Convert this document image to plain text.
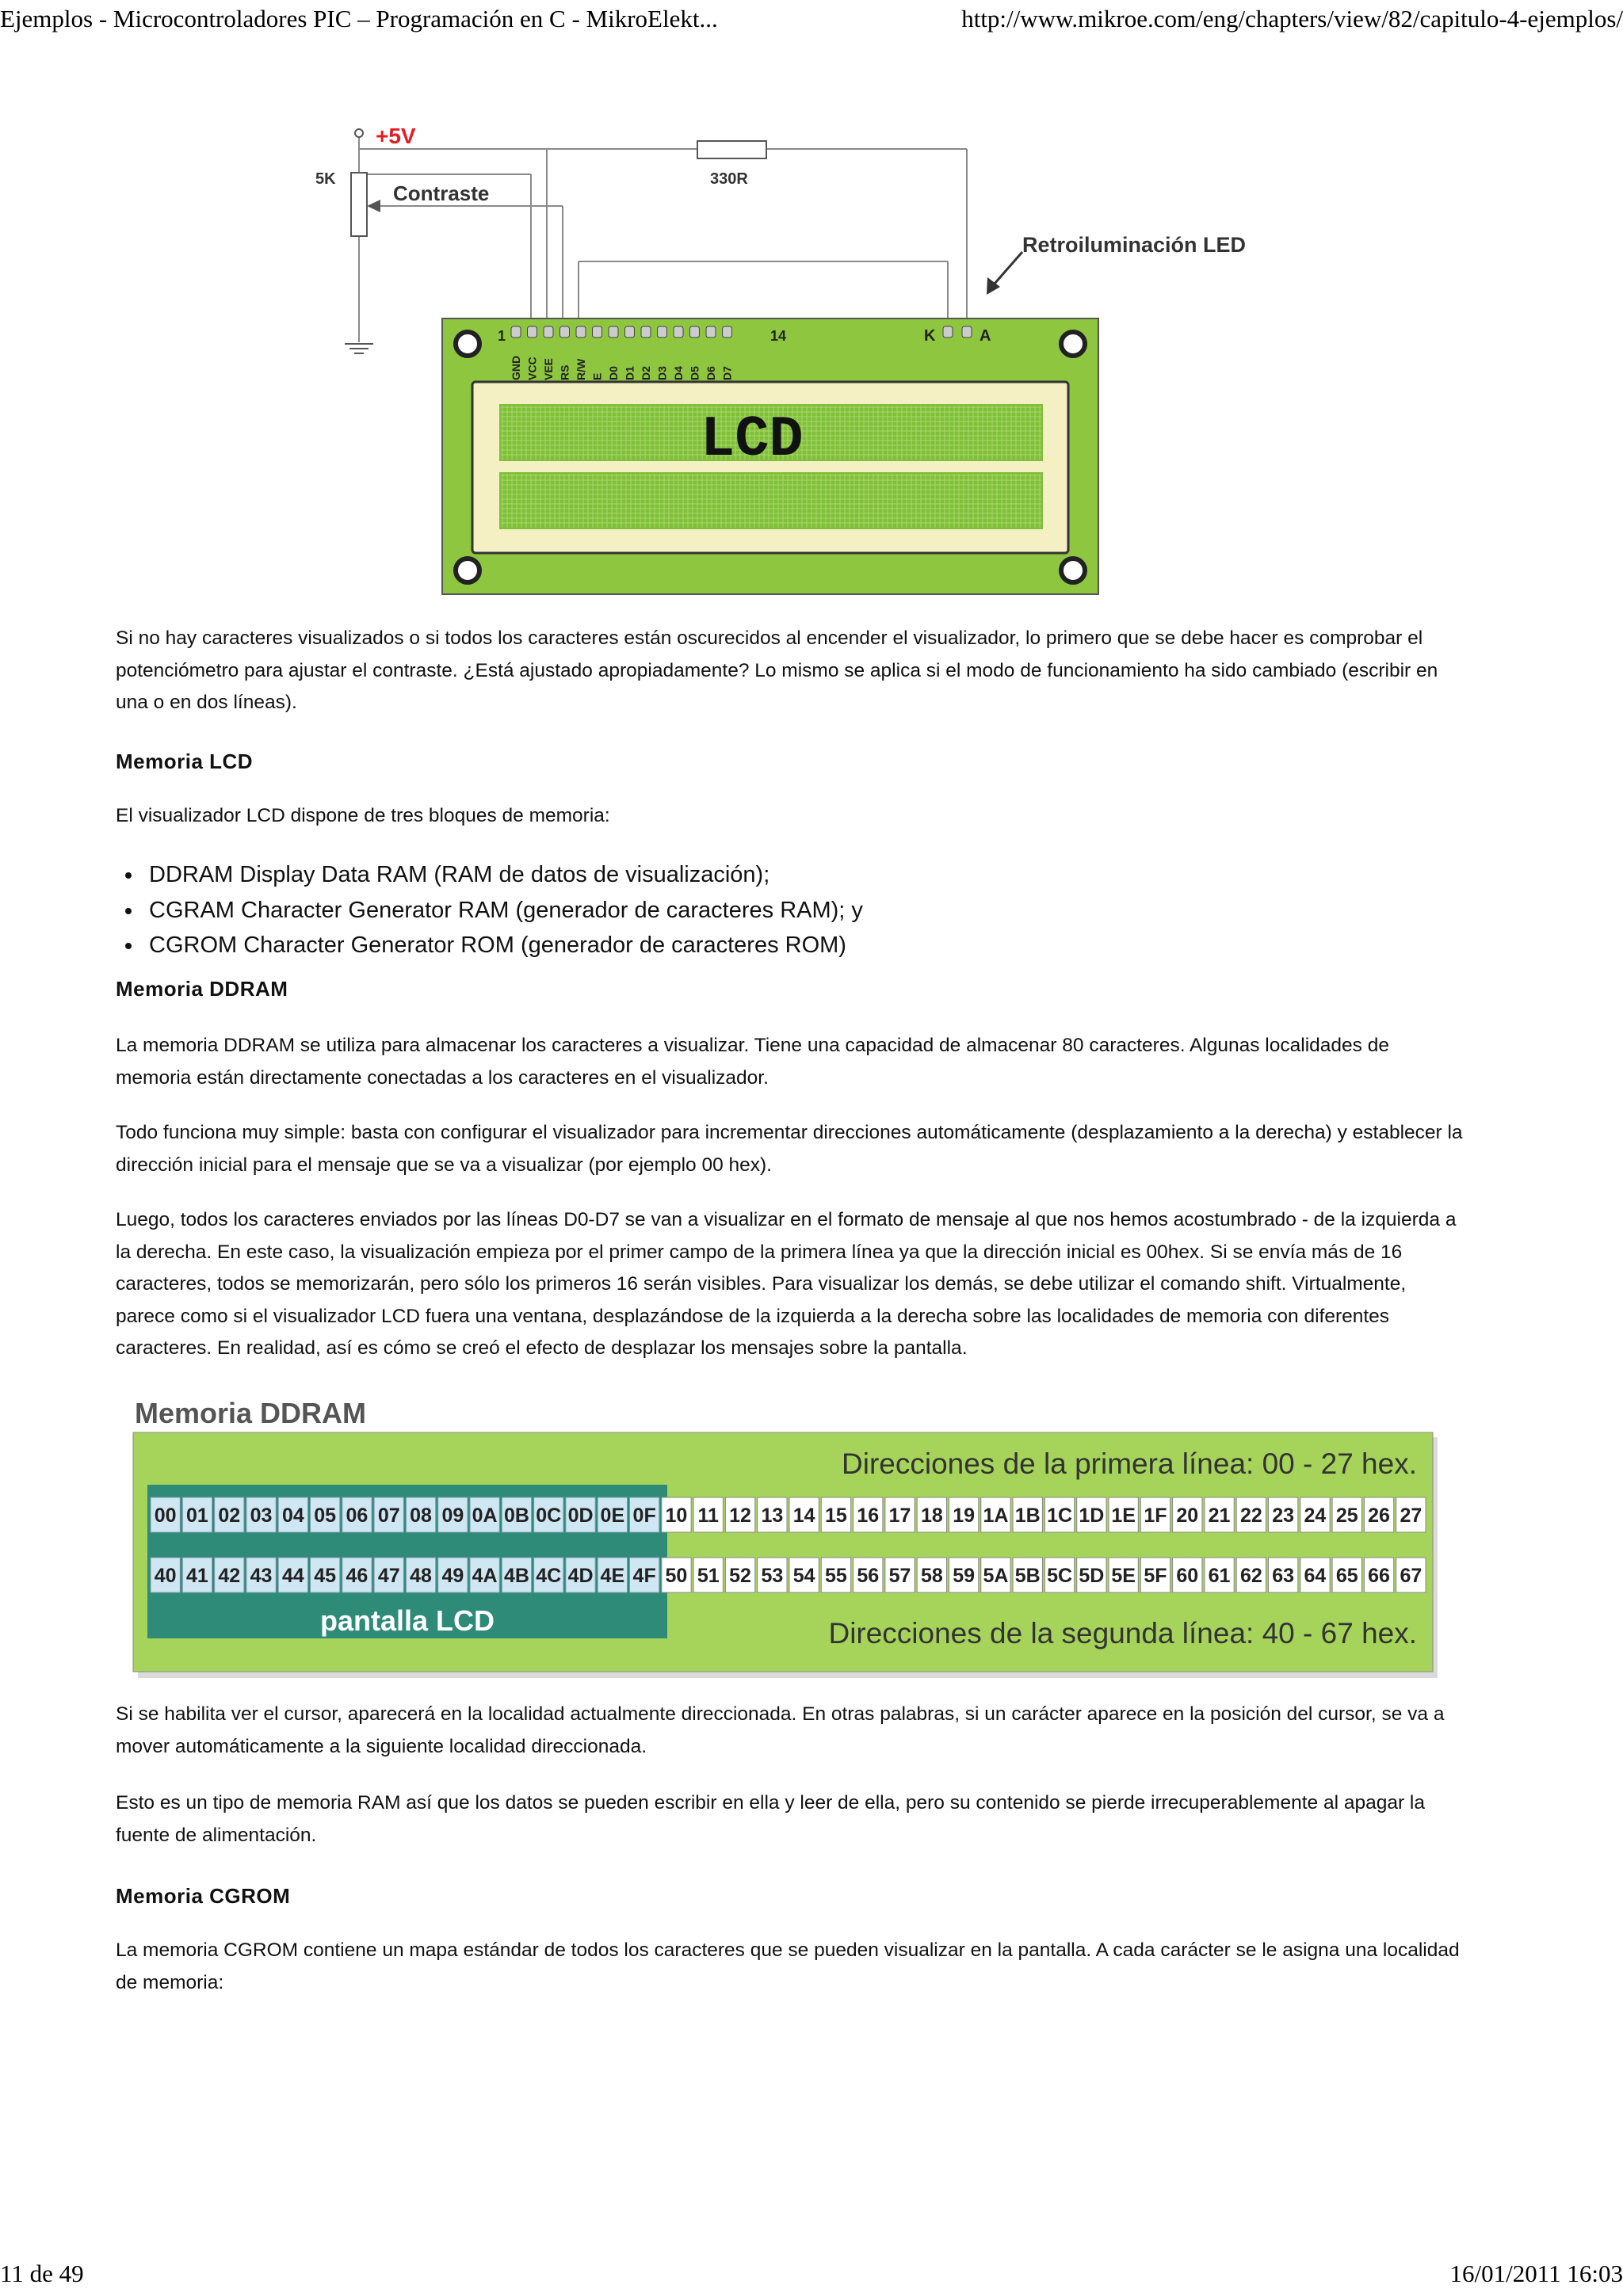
Ejemplos - Microcontroladores PIC – Programación en C - MikroElekt...	http://www.mikroe.com/eng/chapters/view/82/capitulo-4-ejemplos/
11 de 49	16/01/2011 16:03
+5V
5K
Contraste
330R
Retroiluminación LED
1	14	K	A
GND VCC VEE RS R/W E D0 D1 D2 D3 D4 D5 D6 D7
LCD
Si no hay caracteres visualizados o si todos los caracteres están oscurecidos al encender el visualizador, lo primero que se debe hacer es comprobar el potenciómetro para ajustar el contraste. ¿Está ajustado apropiadamente? Lo mismo se aplica si el modo de funcionamiento ha sido cambiado (escribir en una o en dos líneas).
Memoria LCD
El visualizador LCD dispone de tres bloques de memoria:
DDRAM Display Data RAM (RAM de datos de visualización);
CGRAM Character Generator RAM (generador de caracteres RAM); y
CGROM Character Generator ROM (generador de caracteres ROM)
Memoria DDRAM
La memoria DDRAM se utiliza para almacenar los caracteres a visualizar. Tiene una capacidad de almacenar 80 caracteres. Algunas localidades de memoria están directamente conectadas a los caracteres en el visualizador.
Todo funciona muy simple: basta con configurar el visualizador para incrementar direcciones automáticamente (desplazamiento a la derecha) y establecer la dirección inicial para el mensaje que se va a visualizar (por ejemplo 00 hex).
Luego, todos los caracteres enviados por las líneas D0-D7 se van a visualizar en el formato de mensaje al que nos hemos acostumbrado - de la izquierda a la derecha. En este caso, la visualización empieza por el primer campo de la primera línea ya que la dirección inicial es 00hex. Si se envía más de 16 caracteres, todos se memorizarán, pero sólo los primeros 16 serán visibles. Para visualizar los demás, se debe utilizar el comando shift. Virtualmente, parece como si el visualizador LCD fuera una ventana, desplazándose de la izquierda a la derecha sobre las localidades de memoria con diferentes caracteres. En realidad, así es cómo se creó el efecto de desplazar los mensajes sobre la pantalla.
Memoria DDRAM
Direcciones de la primera línea: 00 - 27 hex.
00 01 02 03 04 05 06 07 08 09 0A 0B 0C 0D 0E 0F 10 11 12 13 14 15 16 17 18 19 1A 1B 1C 1D 1E 1F 20 21 22 23 24 25 26 27
40 41 42 43 44 45 46 47 48 49 4A 4B 4C 4D 4E 4F 50 51 52 53 54 55 56 57 58 59 5A 5B 5C 5D 5E 5F 60 61 62 63 64 65 66 67
pantalla LCD	Direcciones de la segunda línea: 40 - 67 hex.
Si se habilita ver el cursor, aparecerá en la localidad actualmente direccionada. En otras palabras, si un carácter aparece en la posición del cursor, se va a mover automáticamente a la siguiente localidad direccionada.
Esto es un tipo de memoria RAM así que los datos se pueden escribir en ella y leer de ella, pero su contenido se pierde irrecuperablemente al apagar la fuente de alimentación.
Memoria CGROM
La memoria CGROM contiene un mapa estándar de todos los caracteres que se pueden visualizar en la pantalla. A cada carácter se le asigna una localidad de memoria:
